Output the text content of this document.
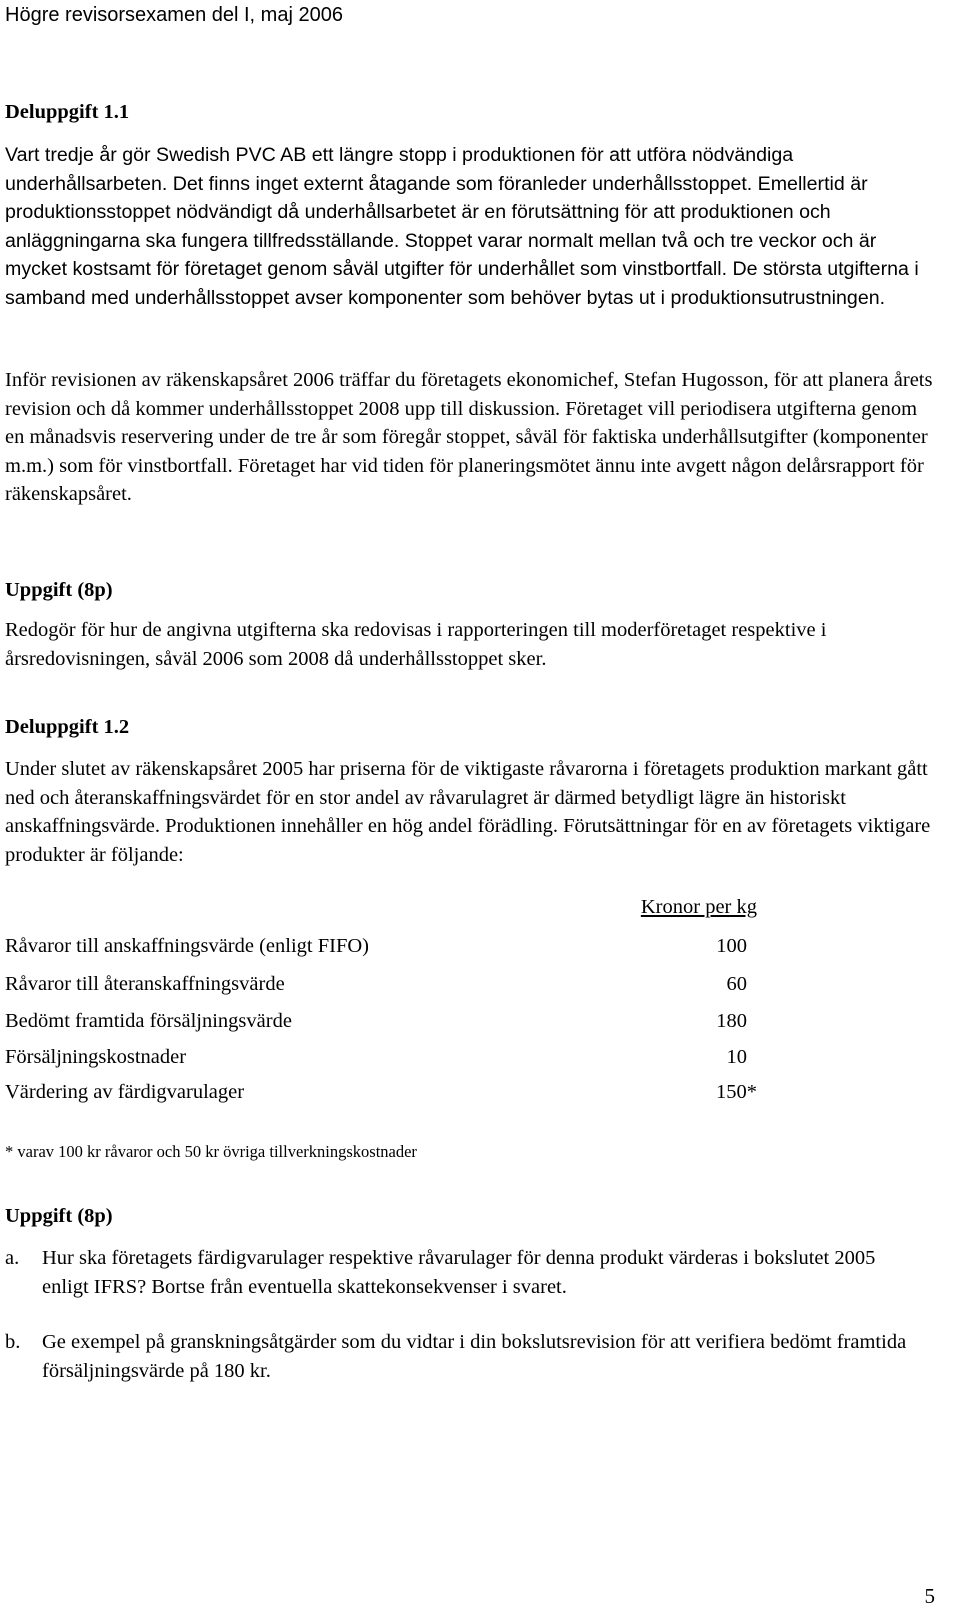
Högre revisorsexamen del I, maj 2006
Deluppgift 1.1

Vart tredje år gör Swedish PVC AB ett längre stopp i produktionen för att utföra nödvändiga underhållsarbeten. Det finns inget externt åtagande som föranleder underhållsstoppet. Emellertid är produktionsstoppet nödvändigt då underhållsarbetet är en förutsättning för att produktionen och anläggningarna ska fungera tillfredsställande. Stoppet varar normalt mellan två och tre veckor och är mycket kostsamt för företaget genom såväl utgifter för underhållet som vinstbortfall. De största utgifterna i samband med underhållsstoppet avser komponenter som behöver bytas ut i produktionsutrustningen.

Inför revisionen av räkenskapsåret 2006 träffar du företagets ekonomichef, Stefan Hugosson, för att planera årets revision och då kommer underhållsstoppet 2008 upp till diskussion. Företaget vill periodisera utgifterna genom en månadsvis reservering under de tre år som föregår stoppet, såväl för faktiska underhållsutgifter (komponenter m.m.) som för vinstbortfall. Företaget har vid tiden för planeringsmötet ännu inte avgett någon delårsrapport för räkenskapsåret.

Uppgift (8p)

Redogör för hur de angivna utgifterna ska redovisas i rapporteringen till moderföretaget respektive i årsredovisningen, såväl 2006 som 2008 då underhållsstoppet sker.

Deluppgift 1.2

Under slutet av räkenskapsåret 2005 har priserna för de viktigaste råvarorna i företagets produktion markant gått ned och återanskaffningsvärdet för en stor andel av råvarulagret är därmed betydligt lägre än historiskt anskaffningsvärde. Produktionen innehåller en hög andel förädling. Förutsättningar för en av företagets viktigare produkter är följande:

Kronor per kg
Råvaror till anskaffningsvärde (enligt FIFO)	100
Råvaror till återanskaffningsvärde	60
Bedömt framtida försäljningsvärde	180
Försäljningskostnader	10
Värdering av färdigvarulager	150*
* varav 100 kr råvaror och 50 kr övriga tillverkningskostnader
Uppgift (8p)
a. Hur ska företagets färdigvarulager respektive råvarulager för denna produkt värderas i bokslutet 2005 enligt IFRS? Bortse från eventuella skattekonsekvenser i svaret.
b. Ge exempel på granskningsåtgärder som du vidtar i din bokslutsrevision för att verifiera bedömt framtida försäljningsvärde på 180 kr.
5
